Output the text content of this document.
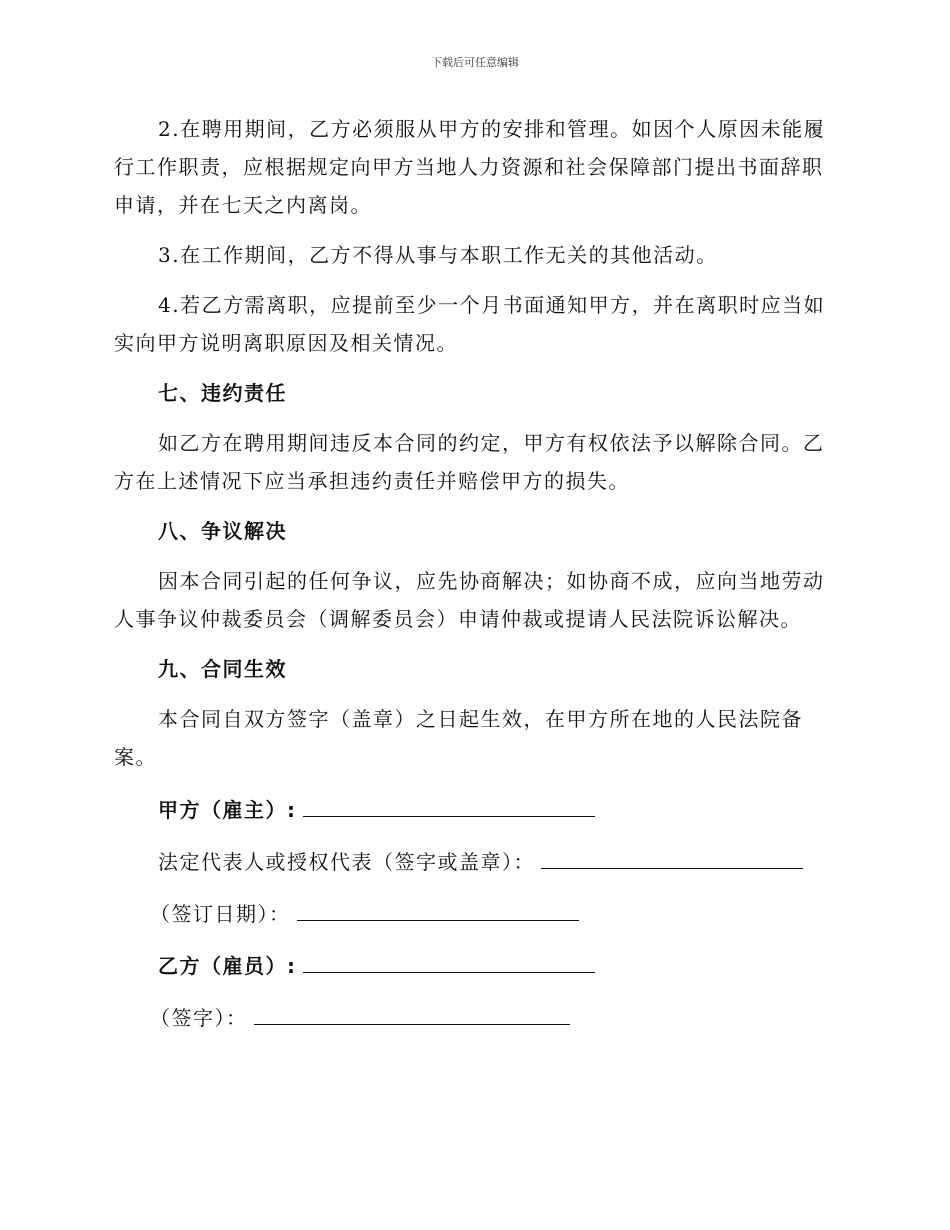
下载后可任意编辑

2.在聘用期间，乙方必须服从甲方的安排和管理。如因个人原因未能履行工作职责，应根据规定向甲方当地人力资源和社会保障部门提出书面辞职申请，并在七天之内离岗。

3.在工作期间，乙方不得从事与本职工作无关的其他活动。

4.若乙方需离职，应提前至少一个月书面通知甲方，并在离职时应当如实向甲方说明离职原因及相关情况。

七、违约责任

如乙方在聘用期间违反本合同的约定，甲方有权依法予以解除合同。乙方在上述情况下应当承担违约责任并赔偿甲方的损失。

八、争议解决

因本合同引起的任何争议，应先协商解决；如协商不成，应向当地劳动人事争议仲裁委员会（调解委员会）申请仲裁或提请人民法院诉讼解决。

九、合同生效

本合同自双方签字（盖章）之日起生效，在甲方所在地的人民法院备案。

甲方（雇主）:
法定代表人或授权代表（签字或盖章）：
（签订日期）：
乙方（雇员）:
（签字）：
